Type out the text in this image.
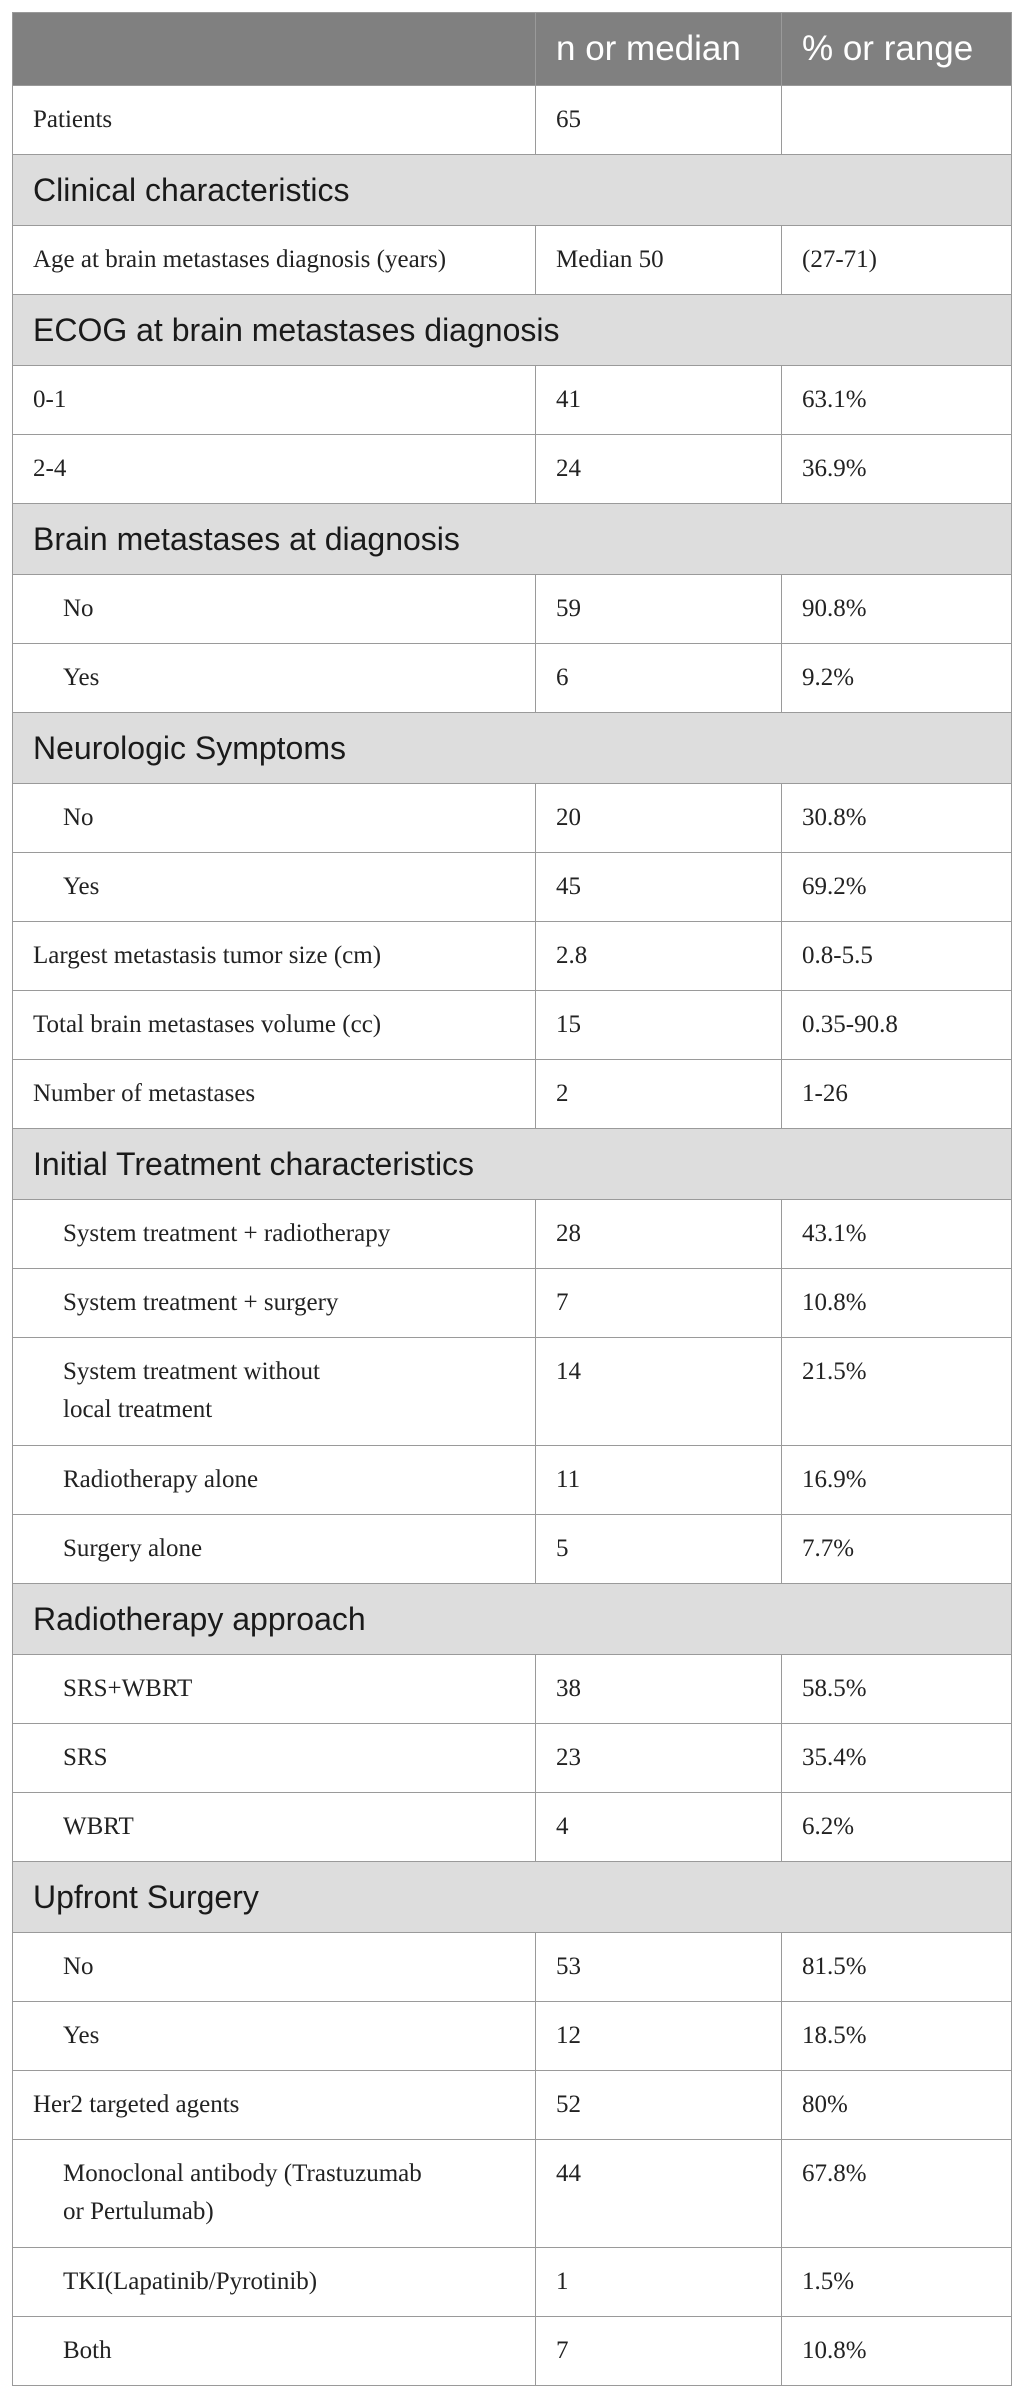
	n or median	% or range
Patients	65	
Clinical characteristics		
Age at brain metastases diagnosis (years)	Median 50	(27-71)
ECOG at brain metastases diagnosis		
0-1	41	63.1%
2-4	24	36.9%
Brain metastases at diagnosis		
No	59	90.8%
Yes	6	9.2%
Neurologic Symptoms		
No	20	30.8%
Yes	45	69.2%
Largest metastasis tumor size (cm)	2.8	0.8-5.5
Total brain metastases volume (cc)	15	0.35-90.8
Number of metastases	2	1-26
Initial Treatment characteristics		
System treatment + radiotherapy	28	43.1%
System treatment + surgery	7	10.8%
System treatment without
local treatment	14	21.5%
Radiotherapy alone	11	16.9%
Surgery alone	5	7.7%
Radiotherapy approach		
SRS+WBRT	38	58.5%
SRS	23	35.4%
WBRT	4	6.2%
Upfront Surgery		
No	53	81.5%
Yes	12	18.5%
Her2 targeted agents	52	80%
Monoclonal antibody (Trastuzumab
or Pertulumab)	44	67.8%
TKI(Lapatinib/Pyrotinib)	1	1.5%
Both	7	10.8%
